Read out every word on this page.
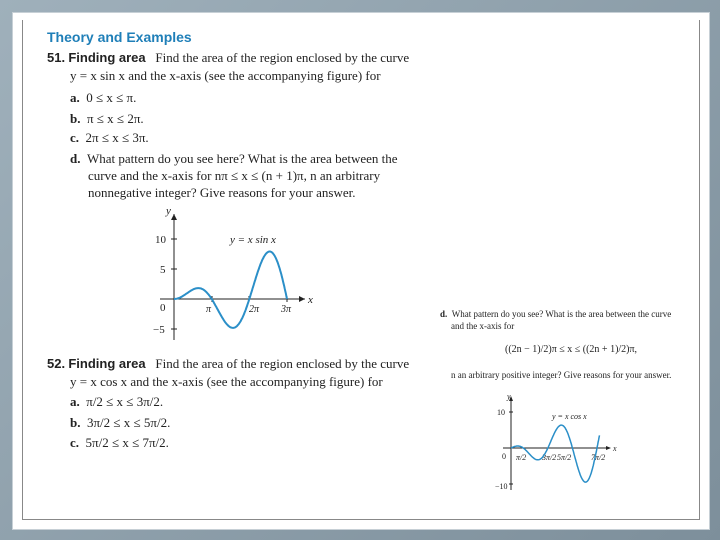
Theory and Examples
51. Finding area Find the area of the region enclosed by the curve
y = x sin x and the x-axis (see the accompanying figure) for
a. 0 ≤ x ≤ π.
b. π ≤ x ≤ 2π.
c. 2π ≤ x ≤ 3π.
d. What pattern do you see here? What is the area between the
curve and the x-axis for nπ ≤ x ≤ (n + 1)π, n an arbitrary
nonnegative integer? Give reasons for your answer.
y
x
10
5
0
−5
π	2π 3π
y = x sin x
y
x
10
0
−10
y = x cos x
π/2 3π/2 5π/2 7π/2
52. Finding area Find the area of the region enclosed by the curve
y = x cos x and the x-axis (see the accompanying figure) for
a. π/2 ≤ x ≤ 3π/2.
b. 3π/2 ≤ x ≤ 5π/2.
c. 5π/2 ≤ x ≤ 7π/2.
d. What pattern do you see? What is the area between the curve
and the x-axis for
((2n − 1)/2)π ≤ x ≤ ((2n + 1)/2)π,
n an arbitrary positive integer? Give reasons for your answer.
